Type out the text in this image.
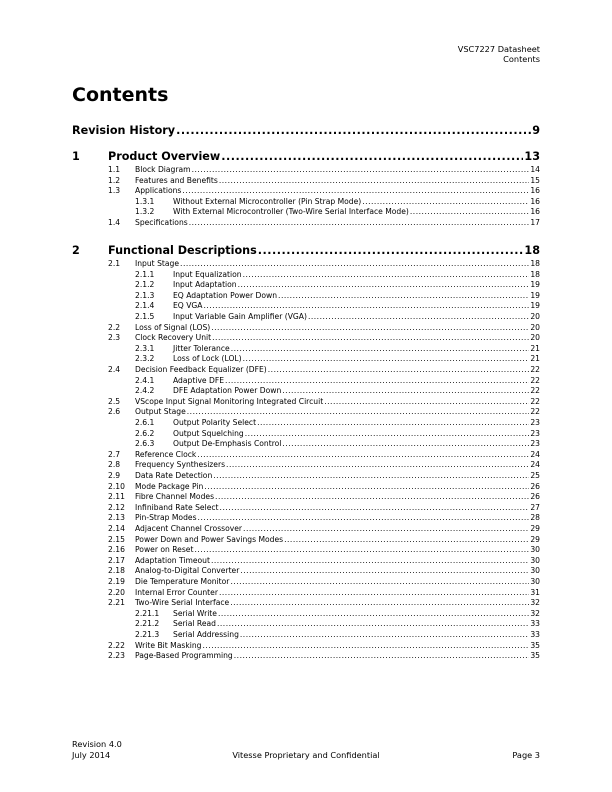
VSC7227 Datasheet
Contents
Contents
Revision History .....	9
1	Product Overview .....	13
1.1	Block Diagram .....	14
1.2	Features and Benefits .....	15
1.3	Applications .....	16
1.3.1	Without External Microcontroller (Pin Strap Mode) .....	16
1.3.2	With External Microcontroller (Two-Wire Serial Interface Mode) .....	16
1.4	Specifications .....	17
2	Functional Descriptions .....	18
2.1	Input Stage .....	18
2.1.1	Input Equalization .....	18
2.1.2	Input Adaptation .....	19
2.1.3	EQ Adaptation Power Down .....	19
2.1.4	EQ VGA .....	19
2.1.5	Input Variable Gain Amplifier (VGA) .....	20
2.2	Loss of Signal (LOS) .....	20
2.3	Clock Recovery Unit .....	20
2.3.1	Jitter Tolerance .....	21
2.3.2	Loss of Lock (LOL) .....	21
2.4	Decision Feedback Equalizer (DFE) .....	22
2.4.1	Adaptive DFE .....	22
2.4.2	DFE Adaptation Power Down .....	22
2.5	VScope Input Signal Monitoring Integrated Circuit .....	22
2.6	Output Stage .....	22
2.6.1	Output Polarity Select .....	23
2.6.2	Output Squelching .....	23
2.6.3	Output De-Emphasis Control .....	23
2.7	Reference Clock .....	24
2.8	Frequency Synthesizers .....	24
2.9	Data Rate Detection .....	25
2.10	Mode Package Pin .....	26
2.11	Fibre Channel Modes .....	26
2.12	Infiniband Rate Select .....	27
2.13	Pin-Strap Modes .....	28
2.14	Adjacent Channel Crossover .....	29
2.15	Power Down and Power Savings Modes .....	29
2.16	Power on Reset .....	30
2.17	Adaptation Timeout .....	30
2.18	Analog-to-Digital Converter .....	30
2.19	Die Temperature Monitor .....	30
2.20	Internal Error Counter .....	31
2.21	Two-Wire Serial Interface .....	32
2.21.1	Serial Write .....	32
2.21.2	Serial Read .....	33
2.21.3	Serial Addressing .....	33
2.22	Write Bit Masking .....	35
2.23	Page-Based Programming .....	35
Revision 4.0
July 2014	Vitesse Proprietary and Confidential	Page 3
